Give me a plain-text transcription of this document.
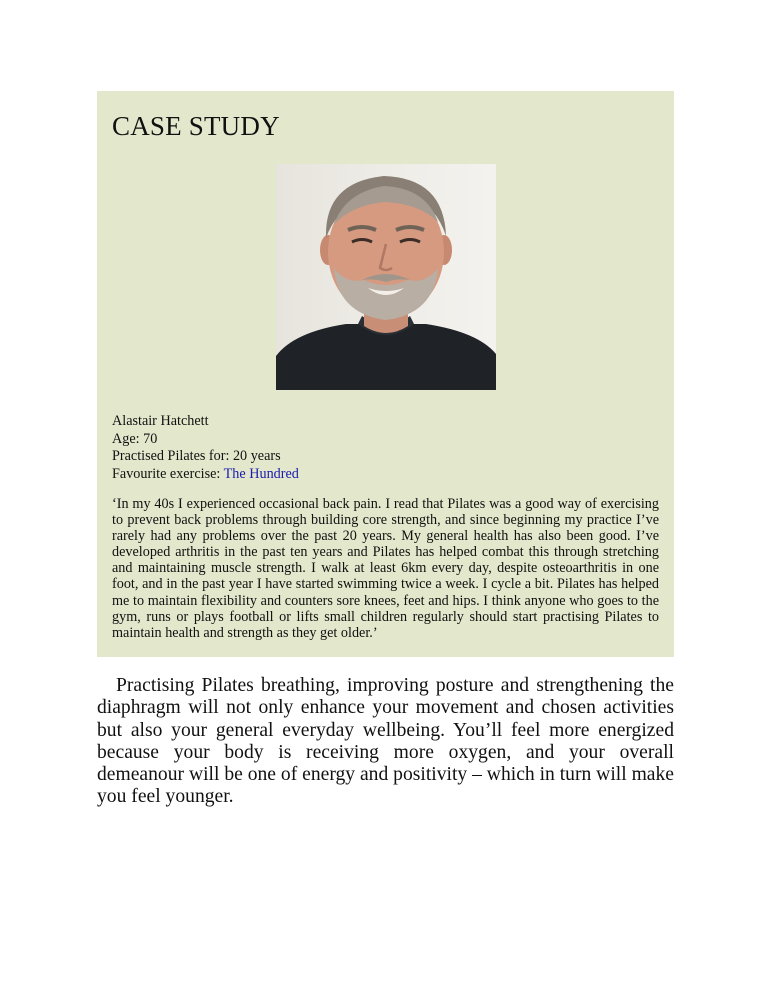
CASE STUDY
Alastair Hatchett
Age: 70
Practised Pilates for: 20 years
Favourite exercise: The Hundred

‘In my 40s I experienced occasional back pain. I read that Pilates was a good way of exercising to prevent back problems through building core strength, and since beginning my practice I’ve rarely had any problems over the past 20 years. My general health has also been good. I’ve developed arthritis in the past ten years and Pilates has helped combat this through stretching and maintaining muscle strength. I walk at least 6km every day, despite osteoarthritis in one foot, and in the past year I have started swimming twice a week. I cycle a bit. Pilates has helped me to maintain flexibility and counters sore knees, feet and hips. I think anyone who goes to the gym, runs or plays football or lifts small children regularly should start practising Pilates to maintain health and strength as they get older.’

Practising Pilates breathing, improving posture and strengthening the diaphragm will not only enhance your movement and chosen activities but also your general everyday wellbeing. You’ll feel more energized because your body is receiving more oxygen, and your overall demeanour will be one of energy and positivity – which in turn will make you feel younger.
